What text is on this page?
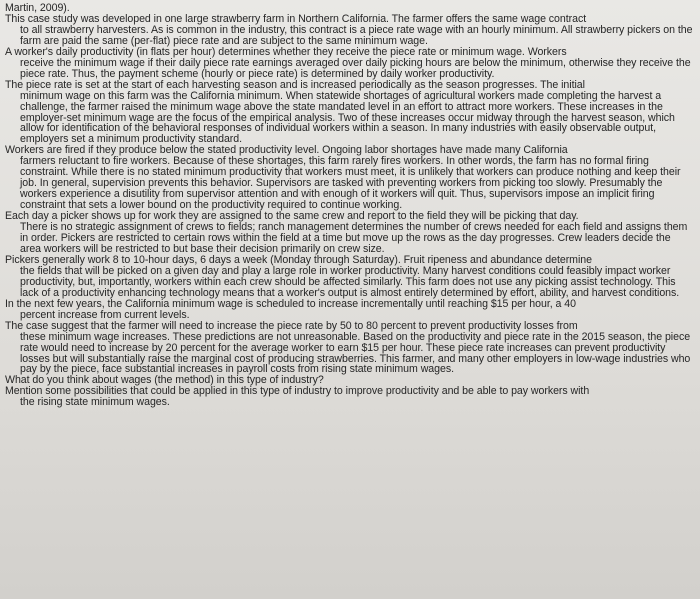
Martin, 2009).

This case study was developed in one large strawberry farm in Northern California. The farmer offers the same wage contract

to all strawberry harvesters. As is common in the industry, this contract is a piece rate wage with an hourly minimum. All strawberry pickers on the farm are paid the same (per-flat) piece rate and are subject to the same minimum wage.

A worker's daily productivity (in flats per hour) determines whether they receive the piece rate or minimum wage. Workers

receive the minimum wage if their daily piece rate earnings averaged over daily picking hours are below the minimum, otherwise they receive the piece rate. Thus, the payment scheme (hourly or piece rate) is determined by daily worker productivity.

The piece rate is set at the start of each harvesting season and is increased periodically as the season progresses. The initial

minimum wage on this farm was the California minimum. When statewide shortages of agricultural workers made completing the harvest a challenge, the farmer raised the minimum wage above the state mandated level in an effort to attract more workers. These increases in the employer-set minimum wage are the focus of the empirical analysis. Two of these increases occur midway through the harvest season, which allow for identification of the behavioral responses of individual workers within a season. In many industries with easily observable output, employers set a minimum productivity standard.

Workers are fired if they produce below the stated productivity level. Ongoing labor shortages have made many California

farmers reluctant to fire workers. Because of these shortages, this farm rarely fires workers. In other words, the farm has no formal firing constraint. While there is no stated minimum productivity that workers must meet, it is unlikely that workers can produce nothing and keep their job. In general, supervision prevents this behavior. Supervisors are tasked with preventing workers from picking too slowly. Presumably the workers experience a disutility from supervisor attention and with enough of it workers will quit. Thus, supervisors impose an implicit firing constraint that sets a lower bound on the productivity required to continue working.

Each day a picker shows up for work they are assigned to the same crew and report to the field they will be picking that day.

There is no strategic assignment of crews to fields; ranch management determines the number of crews needed for each field and assigns them in order. Pickers are restricted to certain rows within the field at a time but move up the rows as the day progresses. Crew leaders decide the area workers will be restricted to but base their decision primarily on crew size.

Pickers generally work 8 to 10-hour days, 6 days a week (Monday through Saturday). Fruit ripeness and abundance determine

the fields that will be picked on a given day and play a large role in worker productivity. Many harvest conditions could feasibly impact worker productivity, but, importantly, workers within each crew should be affected similarly. This farm does not use any picking assist technology. This lack of a productivity enhancing technology means that a worker's output is almost entirely determined by effort, ability, and harvest conditions.

In the next few years, the California minimum wage is scheduled to increase incrementally until reaching $15 per hour, a 40

percent increase from current levels.

The case suggest that the farmer will need to increase the piece rate by 50 to 80 percent to prevent productivity losses from

these minimum wage increases. These predictions are not unreasonable. Based on the productivity and piece rate in the 2015 season, the piece rate would need to increase by 20 percent for the average worker to earn $15 per hour. These piece rate increases can prevent productivity losses but will substantially raise the marginal cost of producing strawberries. This farmer, and many other employers in low-wage industries who pay by the piece, face substantial increases in payroll costs from rising state minimum wages.

What do you think about wages (the method) in this type of industry?

Mention some possibilities that could be applied in this type of industry to improve productivity and be able to pay workers with

the rising state minimum wages.
